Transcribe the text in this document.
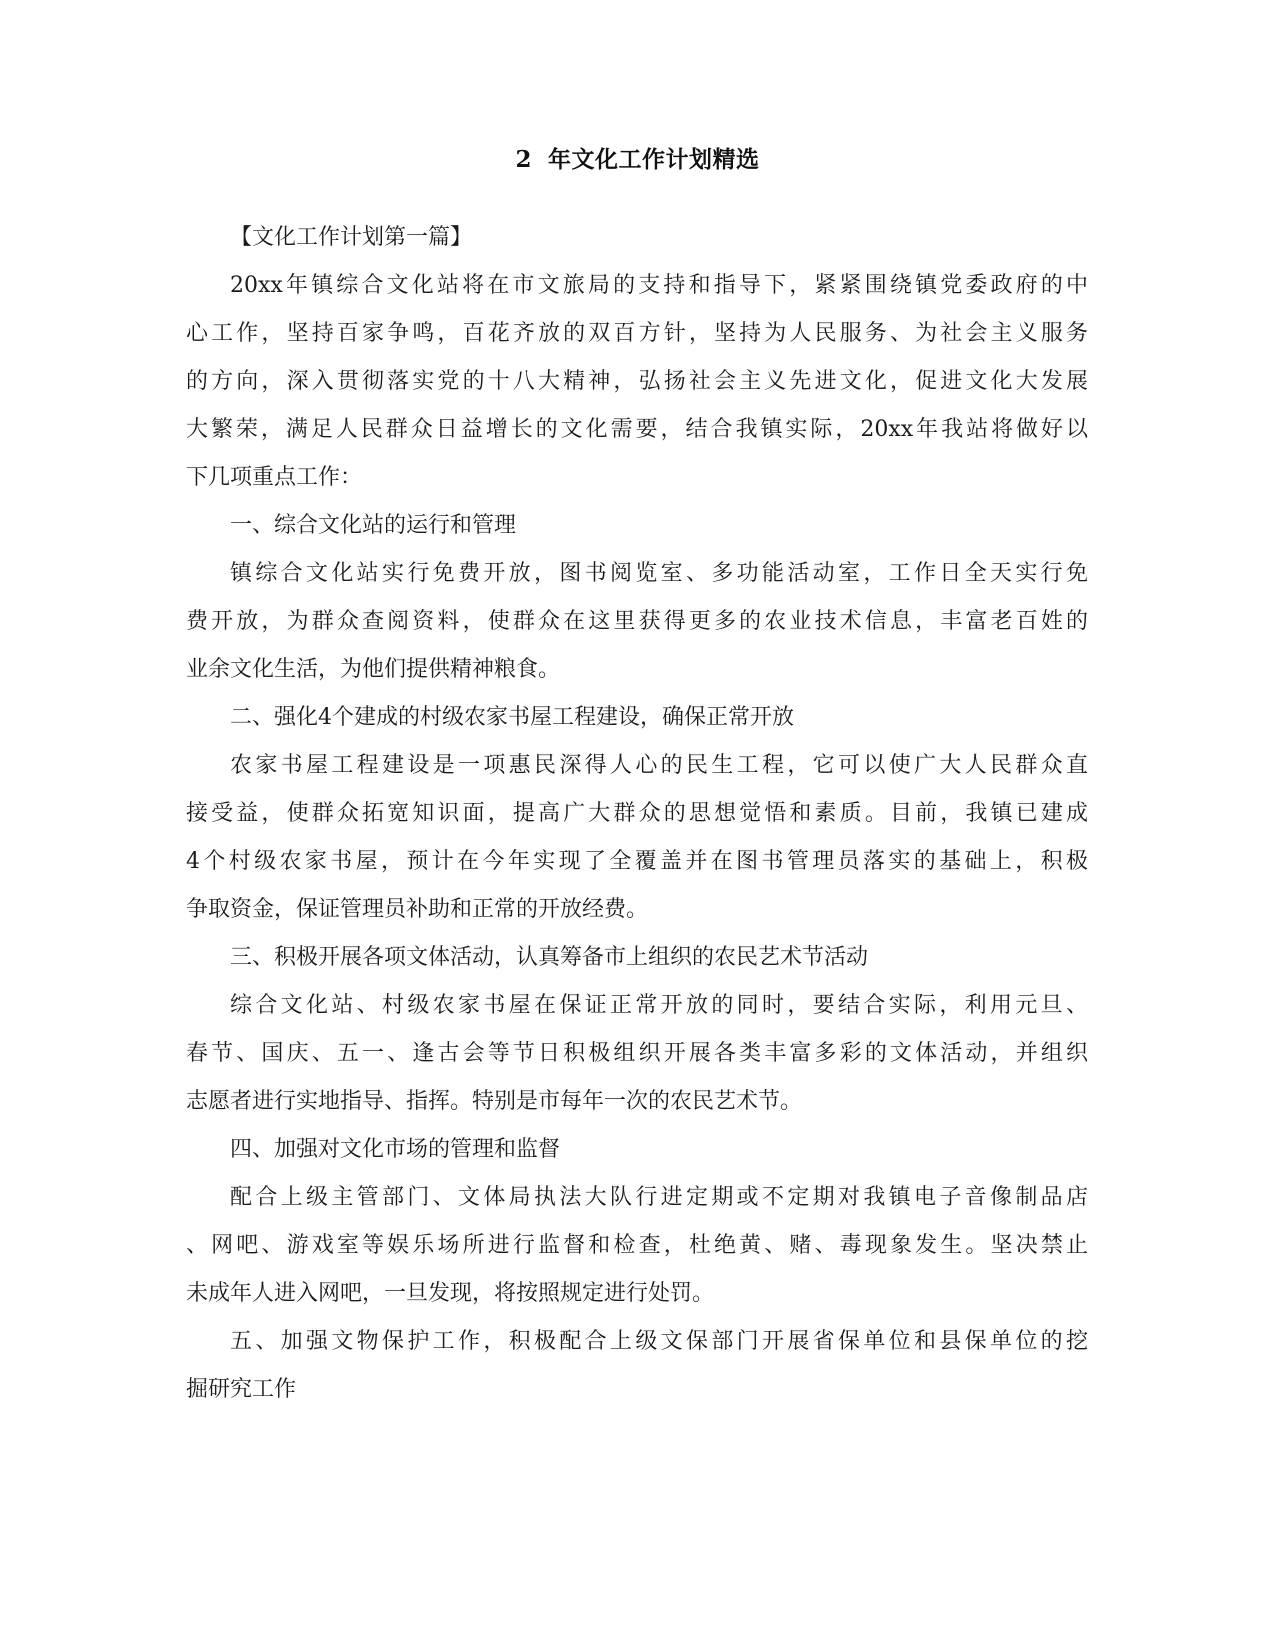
2 年文化工作计划精选
【文化工作计划第一篇】
20xx年镇综合文化站将在市文旅局的支持和指导下，紧紧围绕镇党委政府的中
心工作，坚持百家争鸣，百花齐放的双百方针，坚持为人民服务、为社会主义服务
的方向，深入贯彻落实党的十八大精神，弘扬社会主义先进文化，促进文化大发展
大繁荣，满足人民群众日益增长的文化需要，结合我镇实际，20xx年我站将做好以
下几项重点工作：
一、综合文化站的运行和管理
镇综合文化站实行免费开放，图书阅览室、多功能活动室，工作日全天实行免
费开放，为群众查阅资料，使群众在这里获得更多的农业技术信息，丰富老百姓的
业余文化生活，为他们提供精神粮食。
二、强化4个建成的村级农家书屋工程建设，确保正常开放
农家书屋工程建设是一项惠民深得人心的民生工程，它可以使广大人民群众直
接受益，使群众拓宽知识面，提高广大群众的思想觉悟和素质。目前，我镇已建成
4个村级农家书屋，预计在今年实现了全覆盖并在图书管理员落实的基础上，积极
争取资金，保证管理员补助和正常的开放经费。
三、积极开展各项文体活动，认真筹备市上组织的农民艺术节活动
综合文化站、村级农家书屋在保证正常开放的同时，要结合实际，利用元旦、
春节、国庆、五一、逢古会等节日积极组织开展各类丰富多彩的文体活动，并组织
志愿者进行实地指导、指挥。特别是市每年一次的农民艺术节。
四、加强对文化市场的管理和监督
配合上级主管部门、文体局执法大队行进定期或不定期对我镇电子音像制品店
、网吧、游戏室等娱乐场所进行监督和检查，杜绝黄、赌、毒现象发生。坚决禁止
未成年人进入网吧，一旦发现，将按照规定进行处罚。
五、加强文物保护工作，积极配合上级文保部门开展省保单位和县保单位的挖
掘研究工作
